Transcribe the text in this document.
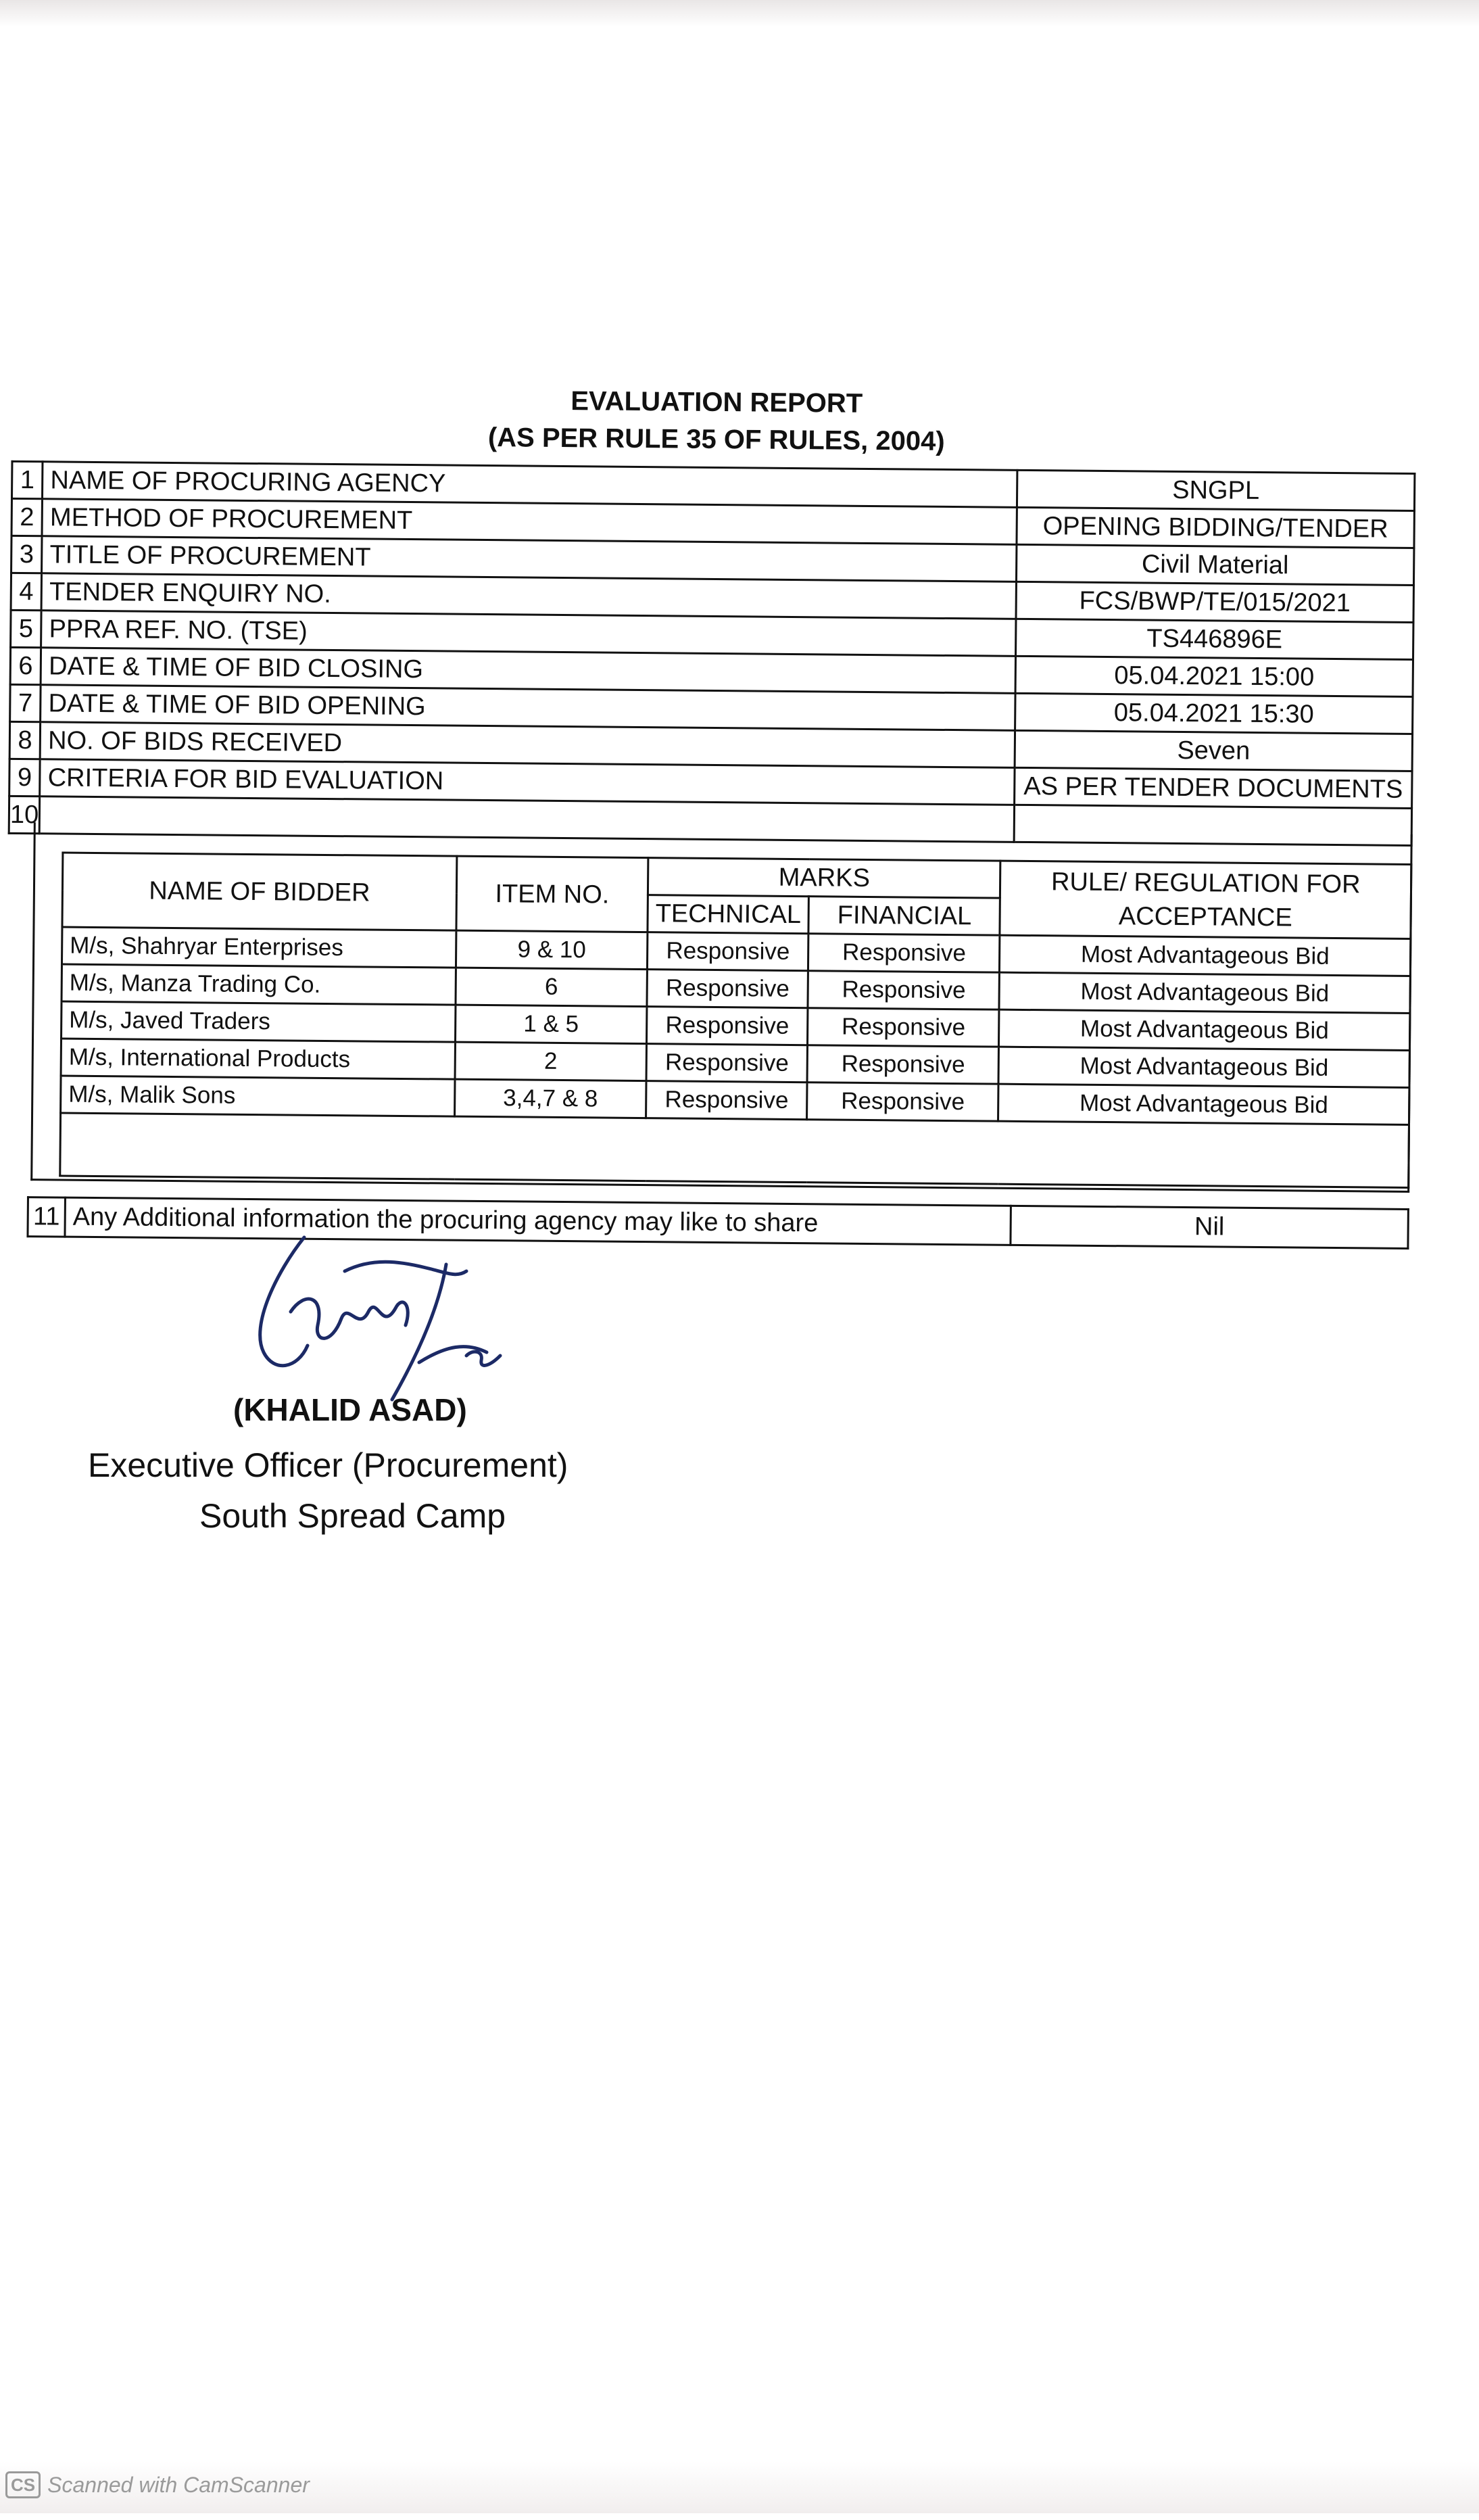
EVALUATION REPORT
(AS PER RULE 35 OF RULES, 2004)
1	NAME OF PROCURING AGENCY	SNGPL
2	METHOD OF PROCUREMENT	OPENING BIDDING/TENDER
3	TITLE OF PROCUREMENT	Civil Material
4	TENDER ENQUIRY NO.	FCS/BWP/TE/015/2021
5	PPRA REF. NO. (TSE)	TS446896E
6	DATE & TIME OF BID CLOSING	05.04.2021 15:00
7	DATE & TIME OF BID OPENING	05.04.2021 15:30
8	NO. OF BIDS RECEIVED	Seven
9	CRITERIA FOR BID EVALUATION	AS PER TENDER DOCUMENTS
10		
NAME OF BIDDER	ITEM NO.	MARKS		RULE/ REGULATION FOR ACCEPTANCE
		TECHNICAL	FINANCIAL	
M/s, Shahryar Enterprises	9 & 10	Responsive	Responsive	Most Advantageous Bid
M/s, Manza Trading Co.	6	Responsive	Responsive	Most Advantageous Bid
M/s, Javed Traders	1 & 5	Responsive	Responsive	Most Advantageous Bid
M/s, International Products	2	Responsive	Responsive	Most Advantageous Bid
M/s, Malik Sons	3,4,7 & 8	Responsive	Responsive	Most Advantageous Bid

11	Any Additional information the procuring agency may like to share	Nil
(KHALID ASAD)
Executive Officer (Procurement)
South Spread Camp
CS Scanned with CamScanner
